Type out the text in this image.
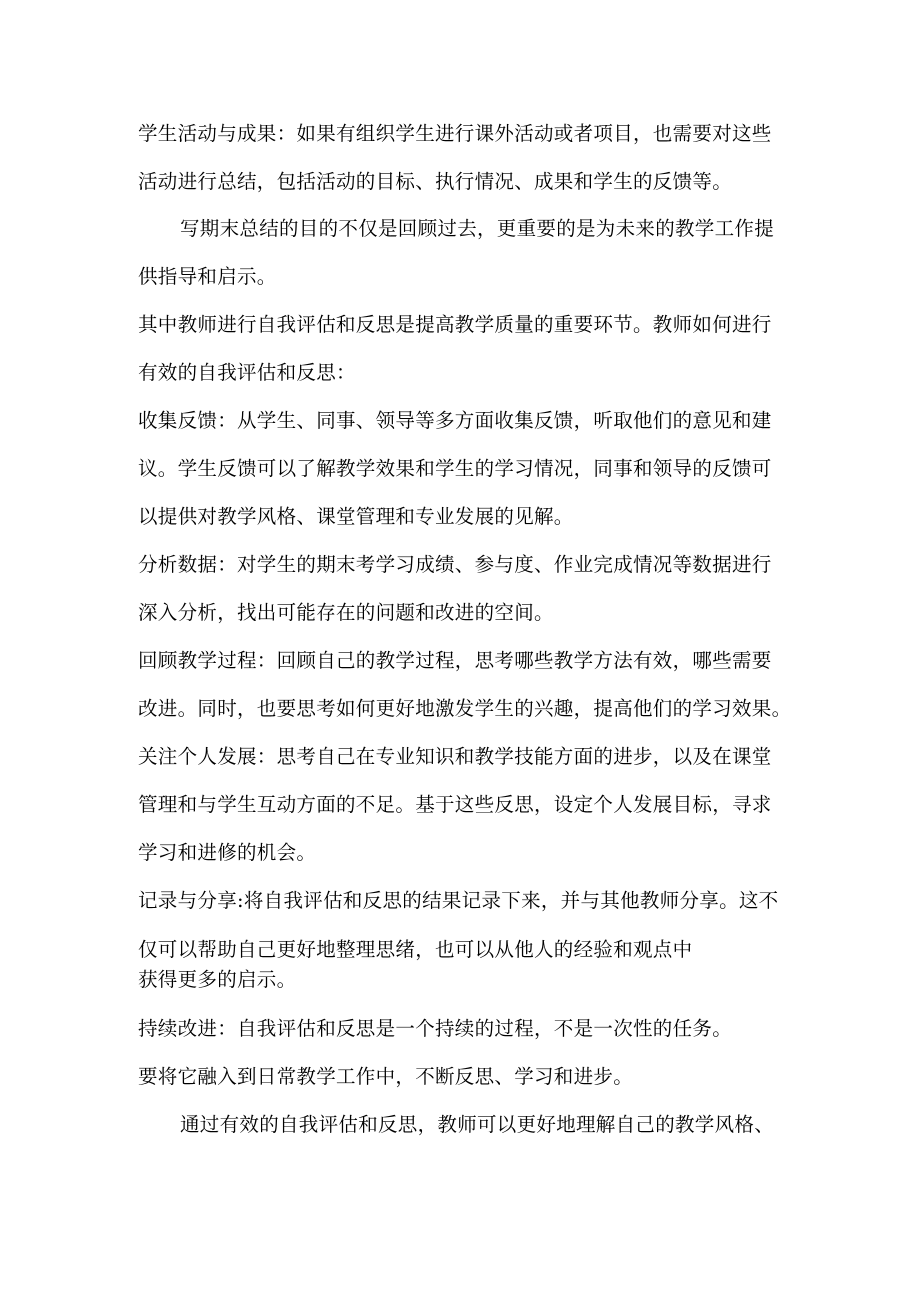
学生活动与成果：如果有组织学生进行课外活动或者项目，也需要对这些
活动进行总结，包括活动的目标、执行情况、成果和学生的反馈等。
写期末总结的目的不仅是回顾过去，更重要的是为未来的教学工作提
供指导和启示。
其中教师进行自我评估和反思是提高教学质量的重要环节。教师如何进行
有效的自我评估和反思：
收集反馈：从学生、同事、领导等多方面收集反馈，听取他们的意见和建
议。学生反馈可以了解教学效果和学生的学习情况，同事和领导的反馈可
以提供对教学风格、课堂管理和专业发展的见解。
分析数据：对学生的期末考学习成绩、参与度、作业完成情况等数据进行
深入分析，找出可能存在的问题和改进的空间。
回顾教学过程：回顾自己的教学过程，思考哪些教学方法有效，哪些需要
改进。同时，也要思考如何更好地激发学生的兴趣，提高他们的学习效果。
关注个人发展：思考自己在专业知识和教学技能方面的进步，以及在课堂
管理和与学生互动方面的不足。基于这些反思，设定个人发展目标，寻求
学习和进修的机会。
记录与分享:将自我评估和反思的结果记录下来，并与其他教师分享。这不
仅可以帮助自己更好地整理思绪，也可以从他人的经验和观点中
获得更多的启示。
持续改进：自我评估和反思是一个持续的过程，不是一次性的任务。
要将它融入到日常教学工作中，不断反思、学习和进步。
通过有效的自我评估和反思，教师可以更好地理解自己的教学风格、
